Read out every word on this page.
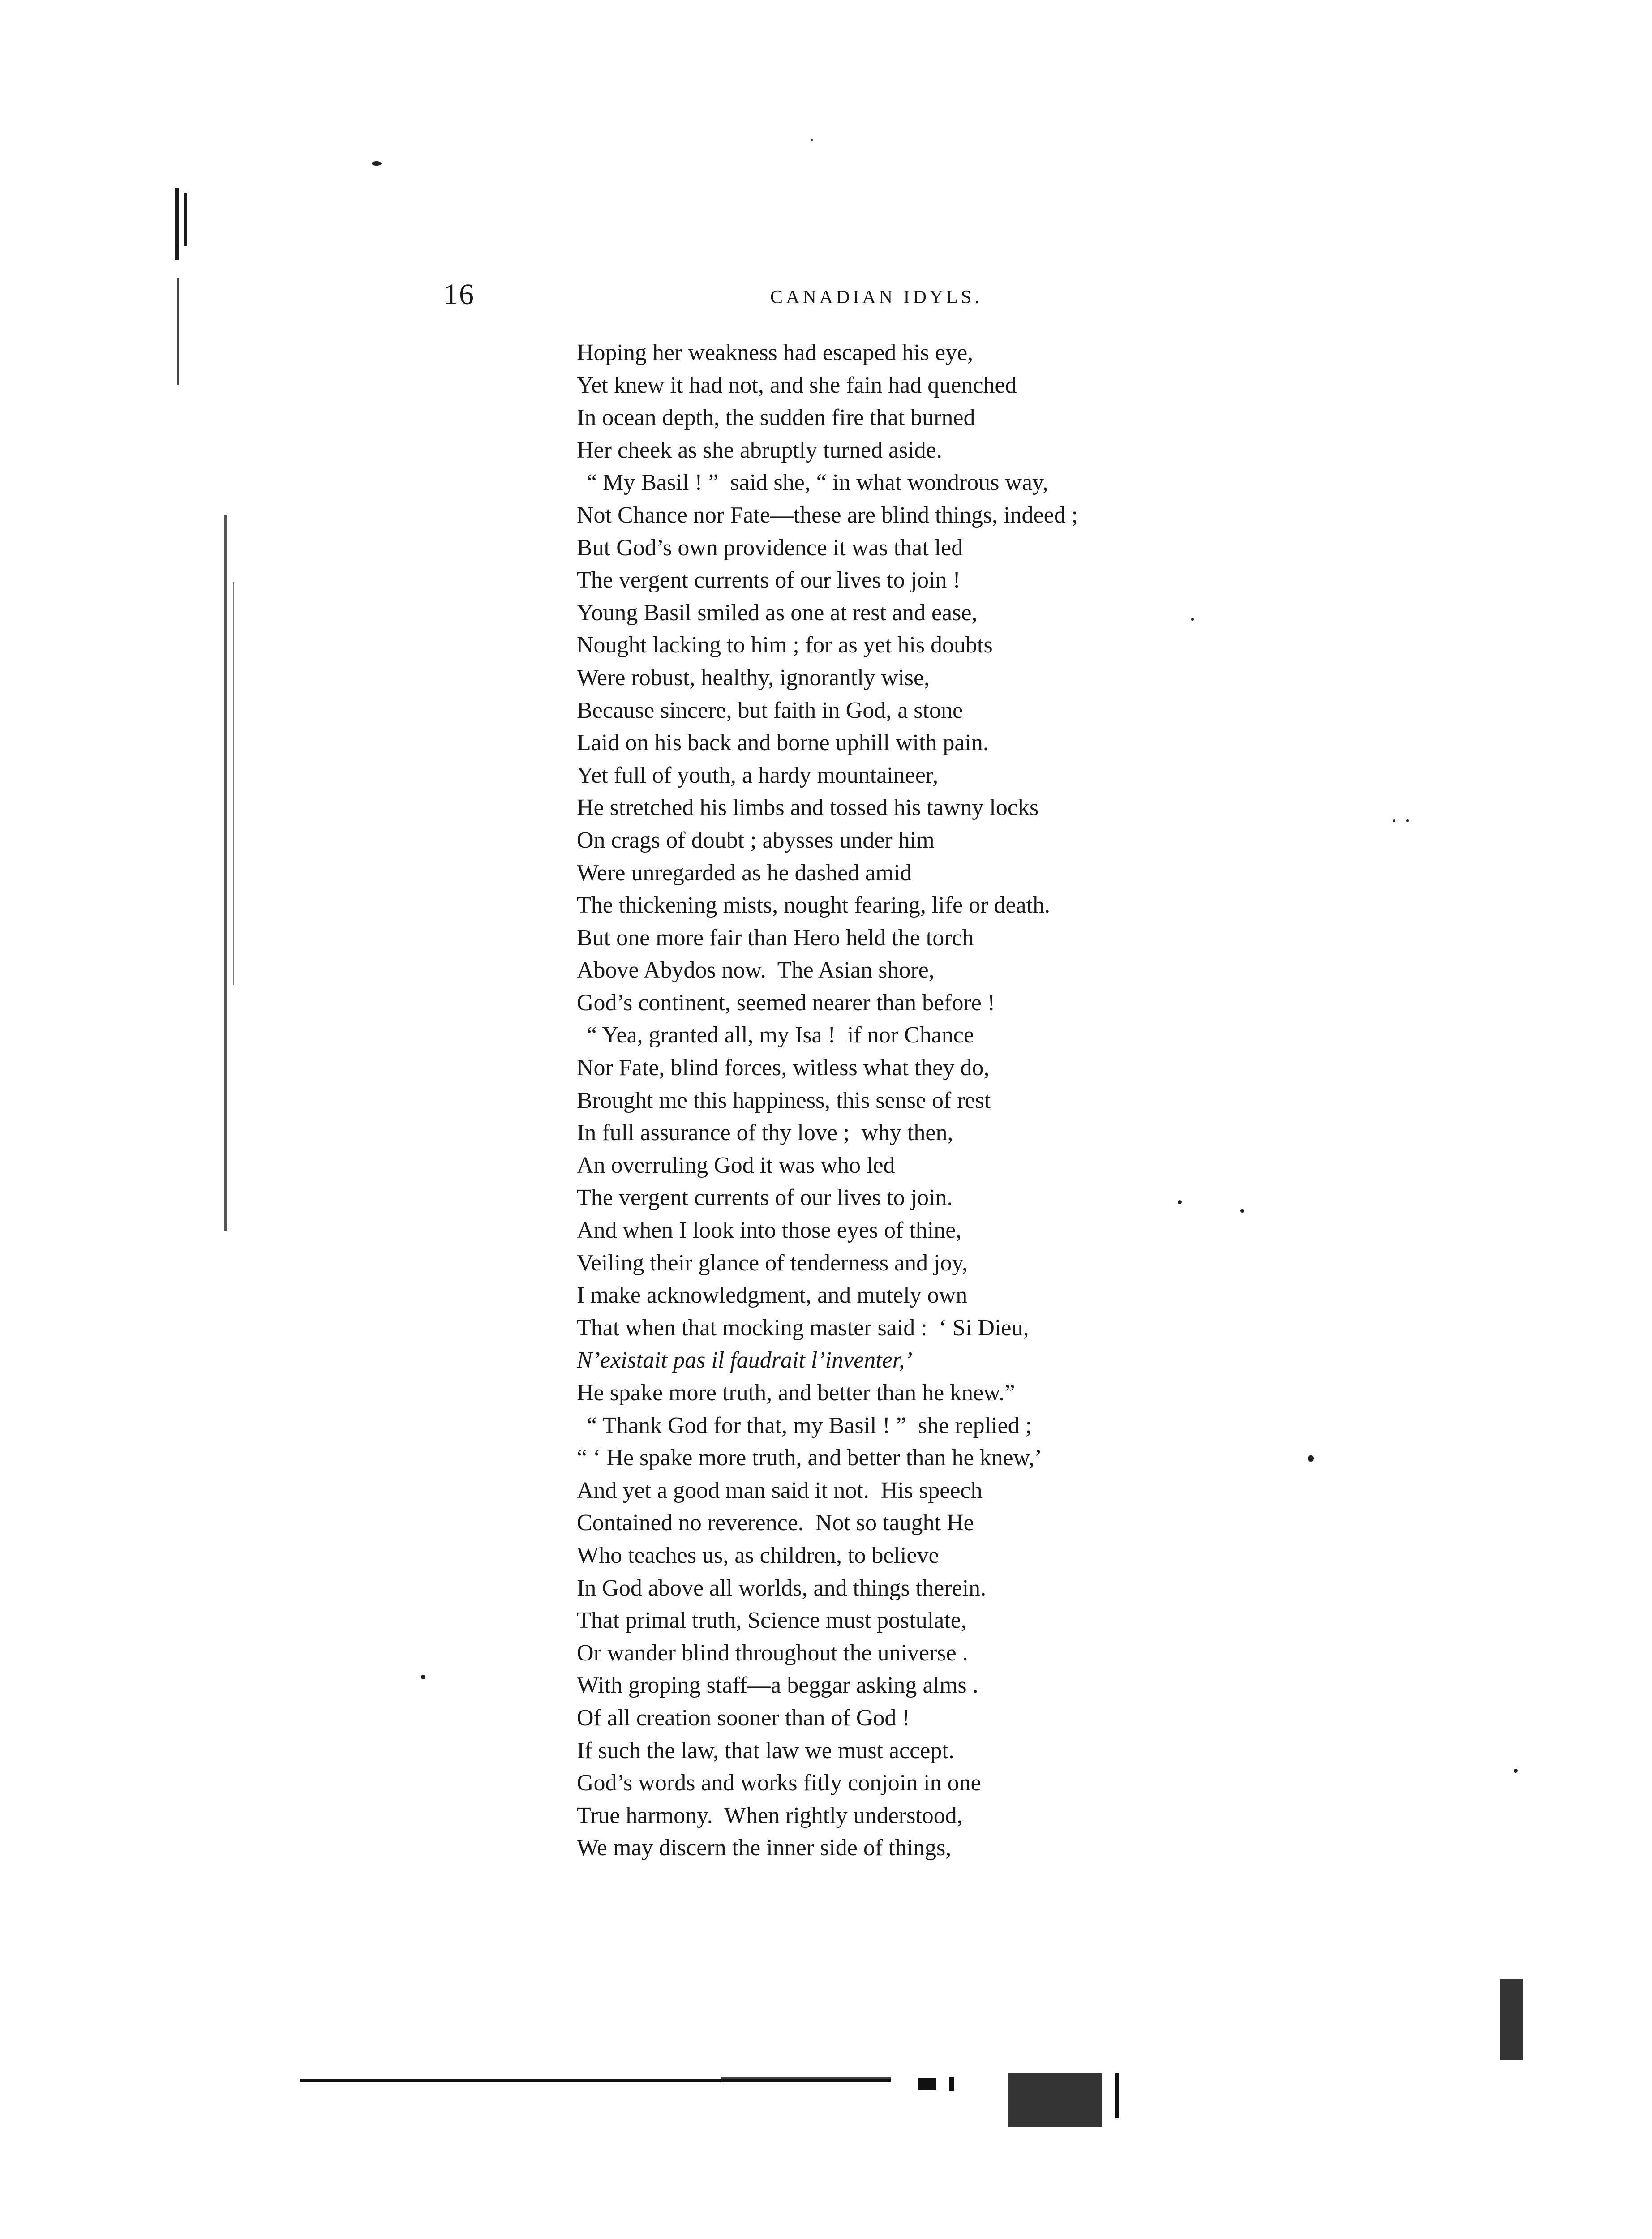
16	CANADIAN IDYLS.
Hoping her weakness had escaped his eye,
Yet knew it had not, and she fain had quenched
In ocean depth, the sudden fire that burned
Her cheek as she abruptly turned aside.
“ My Basil ! ”  said she, “ in what wondrous way,
Not Chance nor Fate—these are blind things, indeed ;
But God’s own providence it was that led
The vergent currents of our lives to join !
Young Basil smiled as one at rest and ease,
Nought lacking to him ; for as yet his doubts
Were robust, healthy, ignorantly wise,
Because sincere, but faith in God, a stone
Laid on his back and borne uphill with pain.
Yet full of youth, a hardy mountaineer,
He stretched his limbs and tossed his tawny locks
On crags of doubt ; abysses under him
Were unregarded as he dashed amid
The thickening mists, nought fearing, life or death.
But one more fair than Hero held the torch
Above Abydos now.  The Asian shore,
God’s continent, seemed nearer than before !
“ Yea, granted all, my Isa !  if nor Chance
Nor Fate, blind forces, witless what they do,
Brought me this happiness, this sense of rest
In full assurance of thy love ;  why then,
An overruling God it was who led
The vergent currents of our lives to join.
And when I look into those eyes of thine,
Veiling their glance of tenderness and joy,
I make acknowledgment, and mutely own
That when that mocking master said :  ‘ Si Dieu,
N’existait pas il faudrait l’inventer,’
He spake more truth, and better than he knew.”
“ Thank God for that, my Basil ! ”  she replied ;
“ ‘ He spake more truth, and better than he knew,’
And yet a good man said it not.  His speech
Contained no reverence.  Not so taught He
Who teaches us, as children, to believe
In God above all worlds, and things therein.
That primal truth, Science must postulate,
Or wander blind throughout the universe .
With groping staff—a beggar asking alms .
Of all creation sooner than of God !
If such the law, that law we must accept.
God’s words and works fitly conjoin in one
True harmony.  When rightly understood,
We may discern the inner side of things,
